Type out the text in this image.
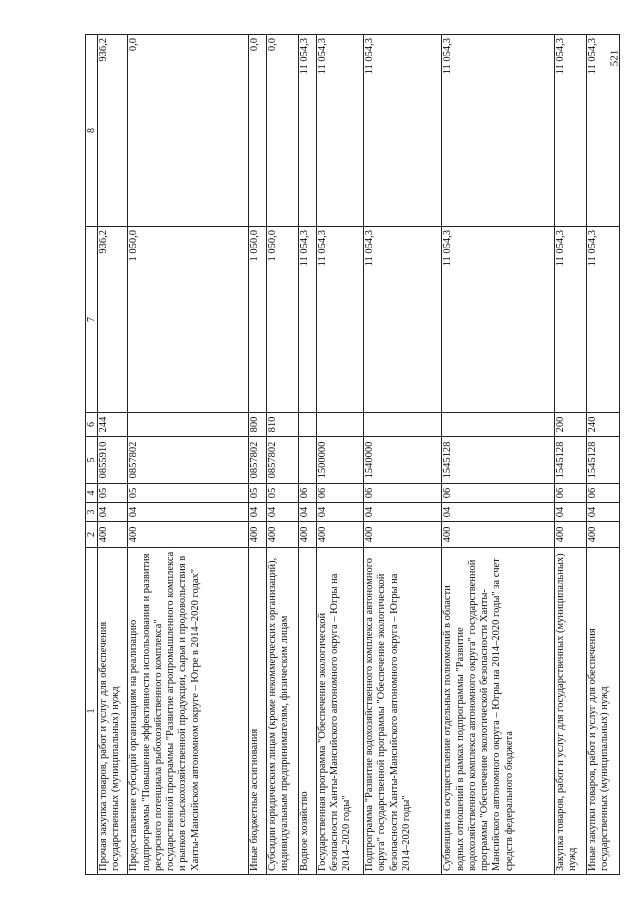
521
1	2	3	4	5	6	7	8
Прочая закупка товаров, работ и услуг для обеспечения государственных (муниципальных) нужд	400	04	05	0855910	244	936,2	936,2
Предоставление субсидий организациям на реализацию подпрограммы "Повышение эффективности использования и развития ресурсного потенциала рыбохозяйственного комплекса" государственной программы "Развитие агропромышленного комплекса и рынков сельскохозяйственной продукции, сырья и продовольствия в Ханты-Мансийском автономном округе – Югре в 2014–2020 годах"	400	04	05	0857802		1 050,0	0,0
Иные бюджетные ассигнования	400	04	05	0857802	800	1 050,0	0,0
Субсидии юридическим лицам (кроме некоммерческих организаций), индивидуальным предпринимателям, физическим лицам	400	04	05	0857802	810	1 050,0	0,0
Водное хозяйство	400	04	06			11 054,3	11 054,3
Государственная программа "Обеспечение экологической безопасности Ханты-Мансийского автономного округа – Югры на 2014–2020 годы"	400	04	06	1500000		11 054,3	11 054,3
Подпрограмма "Развитие водохозяйственного комплекса автономного округа" государственной программы "Обеспечение экологической безопасности Ханты-Мансийского автономного округа – Югры на 2014–2020 годы"	400	04	06	1540000		11 054,3	11 054,3
Субвенции на осуществление отдельных полномочий в области водных отношений в рамках подпрограммы "Развитие водохозяйственного комплекса автономного округа" государственной программы "Обеспечение экологической безопасности Ханты-Мансийского автономного округа – Югры на 2014–2020 годы" за счет средств федерального бюджета	400	04	06	1545128		11 054,3	11 054,3
Закупка товаров, работ и услуг для государственных (муниципальных) нужд	400	04	06	1545128	200	11 054,3	11 054,3
Иные закупки товаров, работ и услуг для обеспечения государственных (муниципальных) нужд	400	04	06	1545128	240	11 054,3	11 054,3
